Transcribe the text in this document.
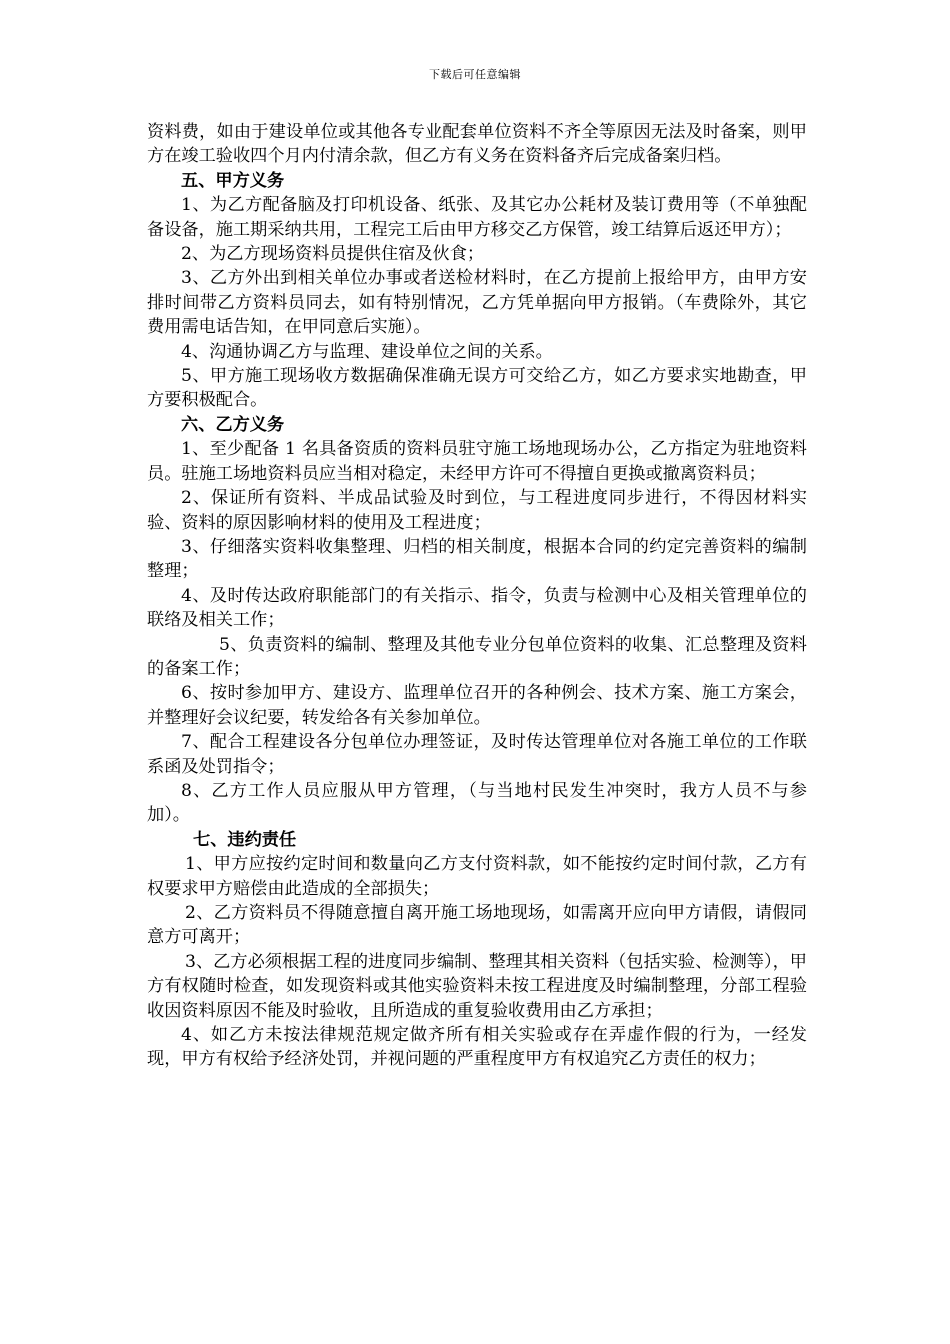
下载后可任意编辑

资料费，如由于建设单位或其他各专业配套单位资料不齐全等原因无法及时备案，则甲方在竣工验收四个月内付清余款，但乙方有义务在资料备齐后完成备案归档。

五、甲方义务

1、为乙方配备脑及打印机设备、纸张、及其它办公耗材及装订费用等（不单独配备设备，施工期采纳共用，工程完工后由甲方移交乙方保管，竣工结算后返还甲方）；

2、为乙方现场资料员提供住宿及伙食；

3、乙方外出到相关单位办事或者送检材料时，在乙方提前上报给甲方，由甲方安排时间带乙方资料员同去，如有特别情况，乙方凭单据向甲方报销。（车费除外，其它费用需电话告知，在甲同意后实施）。

4、沟通协调乙方与监理、建设单位之间的关系。

5、甲方施工现场收方数据确保准确无误方可交给乙方，如乙方要求实地勘查，甲方要积极配合。

六、乙方义务

1、至少配备 1 名具备资质的资料员驻守施工场地现场办公，乙方指定为驻地资料员。驻施工场地资料员应当相对稳定，未经甲方许可不得擅自更换或撤离资料员；

2、保证所有资料、半成品试验及时到位，与工程进度同步进行，不得因材料实验、资料的原因影响材料的使用及工程进度；

3、仔细落实资料收集整理、归档的相关制度，根据本合同的约定完善资料的编制整理；

4、及时传达政府职能部门的有关指示、指令，负责与检测中心及相关管理单位的联络及相关工作；

5、负责资料的编制、整理及其他专业分包单位资料的收集、汇总整理及资料的备案工作；

6、按时参加甲方、建设方、监理单位召开的各种例会、技术方案、施工方案会，并整理好会议纪要，转发给各有关参加单位。

7、配合工程建设各分包单位办理签证，及时传达管理单位对各施工单位的工作联系函及处罚指令；

8、乙方工作人员应服从甲方管理，（与当地村民发生冲突时，我方人员不与参加）。

七、违约责任

1、甲方应按约定时间和数量向乙方支付资料款，如不能按约定时间付款，乙方有权要求甲方赔偿由此造成的全部损失；

2、乙方资料员不得随意擅自离开施工场地现场，如需离开应向甲方请假，请假同意方可离开；

3、乙方必须根据工程的进度同步编制、整理其相关资料（包括实验、检测等），甲方有权随时检查，如发现资料或其他实验资料未按工程进度及时编制整理，分部工程验收因资料原因不能及时验收，且所造成的重复验收费用由乙方承担；

4、如乙方未按法律规范规定做齐所有相关实验或存在弄虚作假的行为，一经发现，甲方有权给予经济处罚，并视问题的严重程度甲方有权追究乙方责任的权力；
